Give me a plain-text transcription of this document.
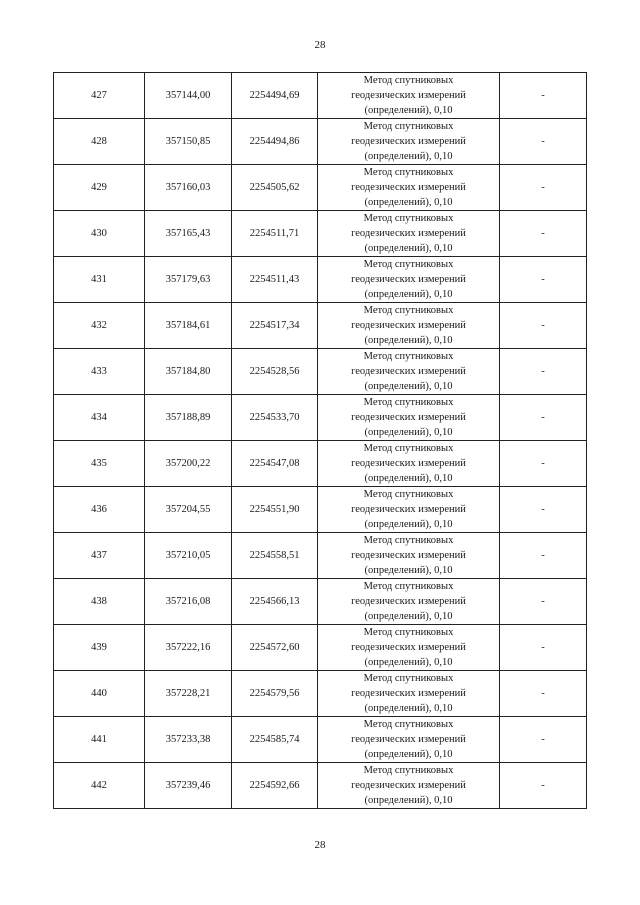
28
427	357144,00	2254494,69	Метод спутниковых
геодезических измерений
(определений), 0,10	-
428	357150,85	2254494,86	Метод спутниковых
геодезических измерений
(определений), 0,10	-
429	357160,03	2254505,62	Метод спутниковых
геодезических измерений
(определений), 0,10	-
430	357165,43	2254511,71	Метод спутниковых
геодезических измерений
(определений), 0,10	-
431	357179,63	2254511,43	Метод спутниковых
геодезических измерений
(определений), 0,10	-
432	357184,61	2254517,34	Метод спутниковых
геодезических измерений
(определений), 0,10	-
433	357184,80	2254528,56	Метод спутниковых
геодезических измерений
(определений), 0,10	-
434	357188,89	2254533,70	Метод спутниковых
геодезических измерений
(определений), 0,10	-
435	357200,22	2254547,08	Метод спутниковых
геодезических измерений
(определений), 0,10	-
436	357204,55	2254551,90	Метод спутниковых
геодезических измерений
(определений), 0,10	-
437	357210,05	2254558,51	Метод спутниковых
геодезических измерений
(определений), 0,10	-
438	357216,08	2254566,13	Метод спутниковых
геодезических измерений
(определений), 0,10	-
439	357222,16	2254572,60	Метод спутниковых
геодезических измерений
(определений), 0,10	-
440	357228,21	2254579,56	Метод спутниковых
геодезических измерений
(определений), 0,10	-
441	357233,38	2254585,74	Метод спутниковых
геодезических измерений
(определений), 0,10	-
442	357239,46	2254592,66	Метод спутниковых
геодезических измерений
(определений), 0,10	-
28
